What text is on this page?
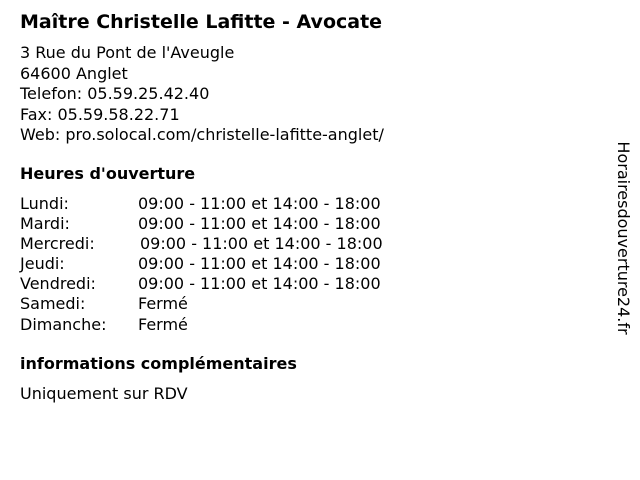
Maître Christelle Lafitte - Avocate
3 Rue du Pont de l'Aveugle
64600 Anglet
Telefon: 05.59.25.42.40
Fax: 05.59.58.22.71
Web: pro.solocal.com/christelle-lafitte-anglet/
Heures d'ouverture
Lundi:	09:00 - 11:00 et 14:00 - 18:00
Mardi:	09:00 - 11:00 et 14:00 - 18:00
Mercredi:	09:00 - 11:00 et 14:00 - 18:00
Jeudi:	09:00 - 11:00 et 14:00 - 18:00
Vendredi:	09:00 - 11:00 et 14:00 - 18:00
Samedi:	Fermé
Dimanche: Fermé
informations complémentaires
Uniquement sur RDV
Horairesdouverture24.fr
